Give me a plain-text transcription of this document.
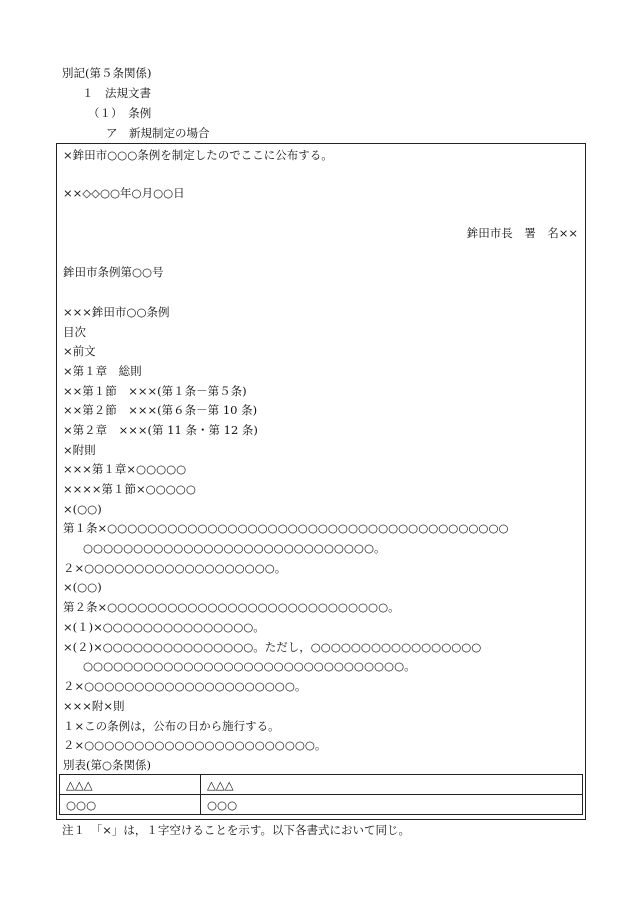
別記(第５条関係)
１　法規文書
（１）　条例
ア　新規制定の場合
×鉾田市○○○条例を制定したのでここに公布する。
××◇◇○○年○月○○日
鉾田市長　署　名××
鉾田市条例第○○号
×××鉾田市○○条例
目次
×前文
×第１章　総則
××第１節　×××(第１条－第５条)
××第２節　×××(第６条－第 10 条)
×第２章　×××(第 11 条・第 12 条)
×附則
×××第１章×○○○○○
××××第１節×○○○○○
×(○○)
第１条×○○○○○○○○○○○○○○○○○○○○○○○○○○○○○○○○○○○○○○○○
○○○○○○○○○○○○○○○○○○○○○○○○○○○○○。
２×○○○○○○○○○○○○○○○○○○○。
×(○○)
第２条×○○○○○○○○○○○○○○○○○○○○○○○○○○○○。
×(１)×○○○○○○○○○○○○○○○。
×(２)×○○○○○○○○○○○○○○○。ただし，○○○○○○○○○○○○○○○○○
○○○○○○○○○○○○○○○○○○○○○○○○○○○○○○○○。
２×○○○○○○○○○○○○○○○○○○○○○。
×××附×則
１×この条例は，公布の日から施行する。
２×○○○○○○○○○○○○○○○○○○○○○○○。
別表(第○条関係)
△△△	△△△
○○○	○○○
注１　「×」は，１字空けることを示す。以下各書式において同じ。
